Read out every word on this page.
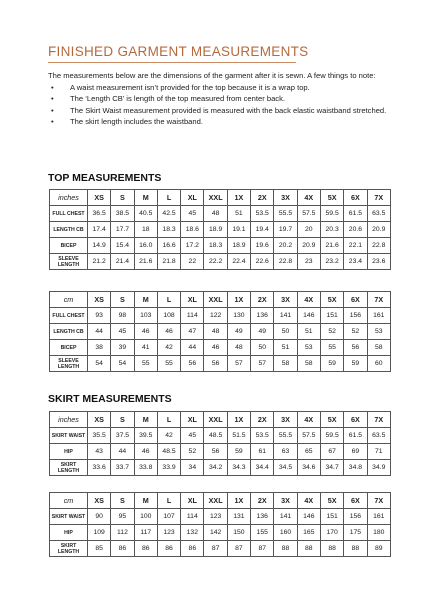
FINISHED GARMENT MEASUREMENTS
The measurements below are the dimensions of the garment after it is sewn. A few things to note:
• A waist measurement isn’t provided for the top because it is a wrap top.
• The ‘Length CB’ is length of the top measured from center back.
• The Skirt Waist measurement provided is measured with the back elastic waistband stretched.
• The skirt length includes the waistband.
TOP MEASUREMENTS
inches	XS	S	M	L	XL	XXL	1X	2X	3X	4X	5X	6X	7X
FULL CHEST	36.5	38.5	40.5	42.5	45	48	51	53.5	55.5	57.5	59.5	61.5	63.5
LENGTH CB	17.4	17.7	18	18.3	18.6	18.9	19.1	19.4	19.7	20	20.3	20.6	20.9
BICEP	14.9	15.4	16.0	16.6	17.2	18.3	18.9	19.6	20.2	20.9	21.6	22.1	22.8
SLEEVE LENGTH	21.2	21.4	21.6	21.8	22	22.2	22.4	22.6	22.8	23	23.2	23.4	23.6
cm	XS	S	M	L	XL	XXL	1X	2X	3X	4X	5X	6X	7X
FULL CHEST	93	98	103	108	114	122	130	136	141	146	151	156	161
LENGTH CB	44	45	46	46	47	48	49	49	50	51	52	52	53
BICEP	38	39	41	42	44	46	48	50	51	53	55	56	58
SLEEVE LENGTH	54	54	55	55	56	56	57	57	58	58	59	59	60
SKIRT MEASUREMENTS
inches	XS	S	M	L	XL	XXL	1X	2X	3X	4X	5X	6X	7X
SKIRT WAIST	35.5	37.5	39.5	42	45	48.5	51.5	53.5	55.5	57.5	59.5	61.5	63.5
HIP	43	44	46	48.5	52	56	59	61	63	65	67	69	71
SKIRT LENGTH	33.6	33.7	33.8	33.9	34	34.2	34.3	34.4	34.5	34.6	34.7	34.8	34.9
cm	XS	S	M	L	XL	XXL	1X	2X	3X	4X	5X	6X	7X
SKIRT WAIST	90	95	100	107	114	123	131	136	141	146	151	156	161
HIP	109	112	117	123	132	142	150	155	160	165	170	175	180
SKIRT LENGTH	85	86	86	86	86	87	87	87	88	88	88	88	89
